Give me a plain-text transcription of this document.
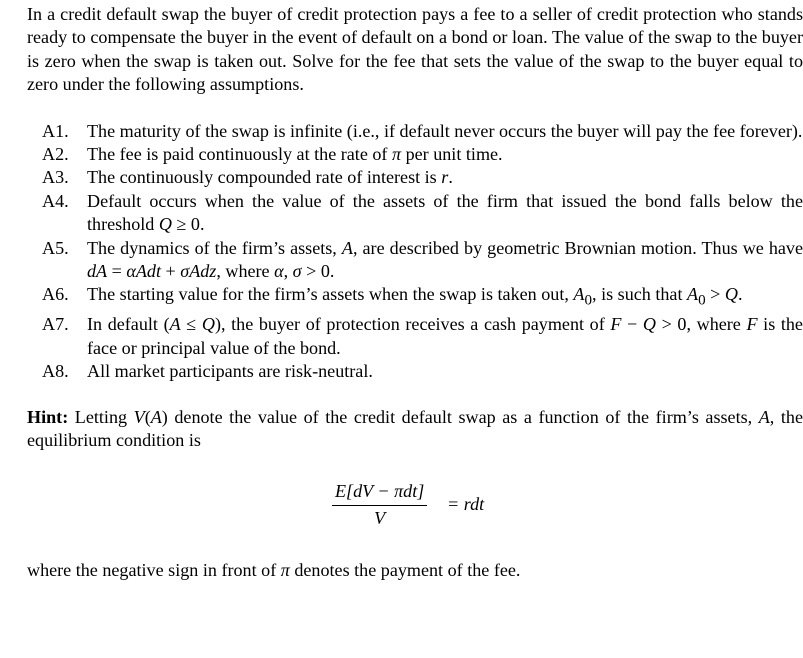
In a credit default swap the buyer of credit protection pays a fee to a seller of credit protection who stands ready to compensate the buyer in the event of default on a bond or loan. The value of the swap to the buyer is zero when the swap is taken out. Solve for the fee that sets the value of the swap to the buyer equal to zero under the following assumptions.

A1.	The maturity of the swap is infinite (i.e., if default never occurs the buyer will pay the fee forever).
A2.	The fee is paid continuously at the rate of π per unit time.
A3.	The continuously compounded rate of interest is r.
A4.	Default occurs when the value of the assets of the firm that issued the bond falls below the threshold Q ≥ 0.
A5.	The dynamics of the firm’s assets, A, are described by geometric Brownian motion. Thus we have dA = αAdt + σAdz, where α, σ > 0.
A6.	The starting value for the firm’s assets when the swap is taken out, $A_0$, is such that $A_0 > Q$.
A7.	In default (A ≤ Q), the buyer of protection receives a cash payment of F − Q > 0, where F is the face or principal value of the bond.
A8.	All market participants are risk-neutral.

Hint: Letting V(A) denote the value of the credit default swap as a function of the firm’s assets, A, the equilibrium condition is

E[dV − πdt]
V
= rdt

where the negative sign in front of π denotes the payment of the fee.
